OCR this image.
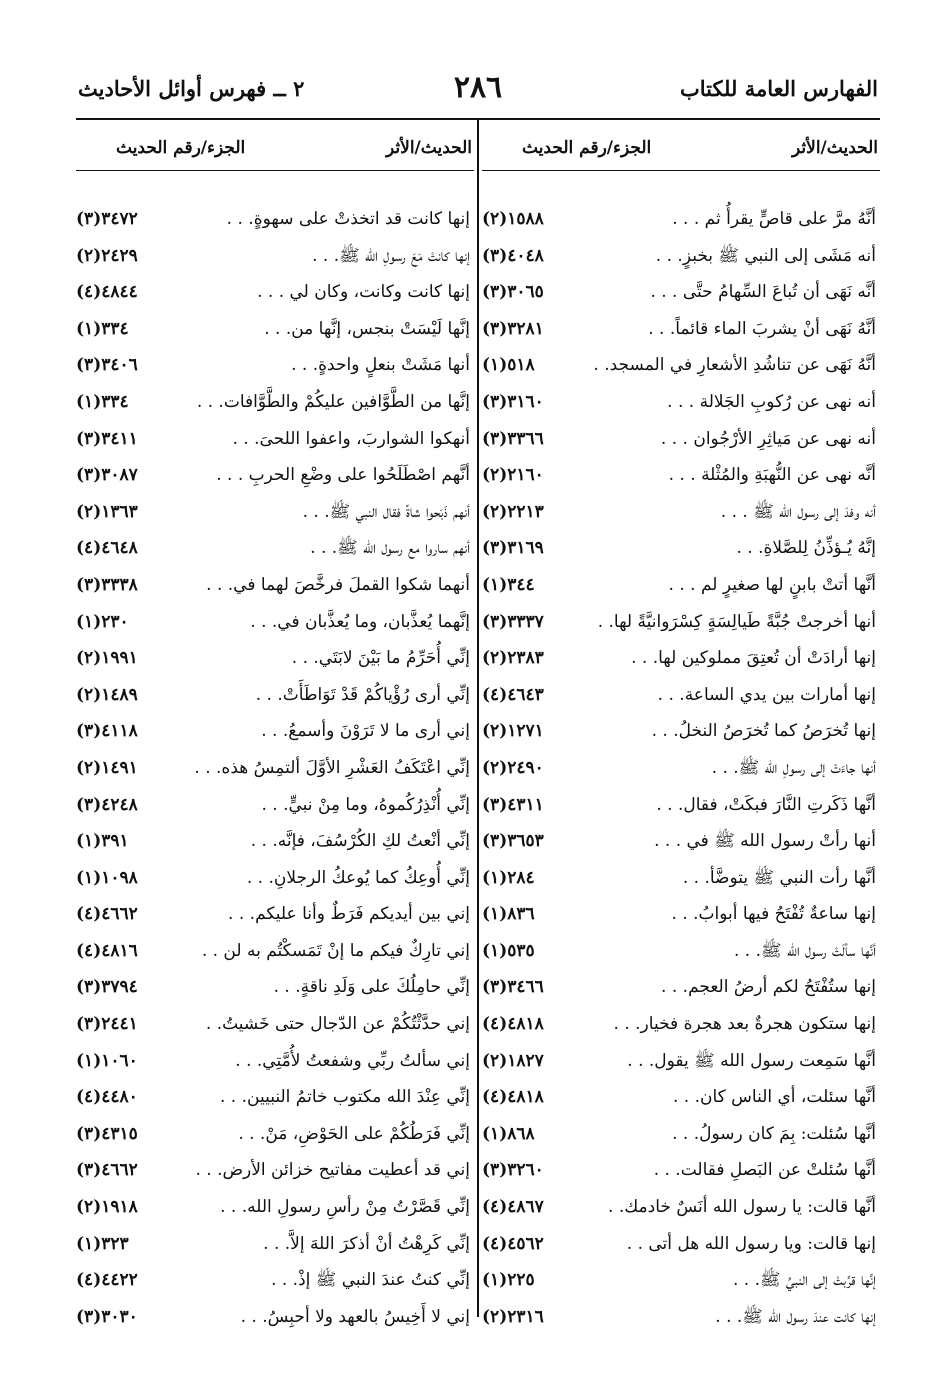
الفهارس العامة للكتاب
٢٨٦
٢ ــ فهرس أوائل الأحاديث
الحديث/الأثر
الجزء/رقم الحديث
أنَّهُ مرَّ على قاصٍّ يقرأُ ثم . . .
(٢)١٥٨٨
أنه مَشَى إلى النبي ﷺ بخبزٍ. . .
(٣)٤٠٤٨
أنَّه نَهَى أن تُباعَ السِّهامُ حتَّى . . .
(٣)٣٠٦٥
أنَّهُ نَهَى أنْ يشربَ الماء قائماً. . .
(٣)٣٢٨١
أنَّهُ نَهَى عن تناشُدِ الأشعارِ في المسجد. .
(١)٥١٨
أنه نهى عن رُكوبِ الجَلالة . . .
(٣)٣١٦٠
أنه نهى عن مَياثِرِ الأرْجُوان . . .
(٣)٣٣٦٦
أنَّه نهى عن النُّهبَةِ والمُثْلة . . .
(٢)٢١٦٠
أنه وفدَ إلى رسول الله ﷺ . . .
(٢)٢٢١٣
إنَّهُ يُـؤذِّنُ لِلصَّلاةِ. . .
(٣)٣١٦٩
أنَّها أتتْ بابنٍ لها صغيرٍ لم . . .
(١)٣٤٤
أنها أخرجتْ جُبَّةً طَيالِسَةٍ كِسْرَوانيَّةً لها. .
(٣)٣٣٣٧
إنها أرادَتْ أن تُعتِقَ مملوكين لها. . .
(٢)٢٣٨٣
إنها أمارات بين يدي الساعة. . .
(٤)٤٦٤٣
إنها تُخرَصُ كما تُخرَصُ النخلُ. . .
(٢)١٢٧١
أنها جاءَتْ إلى رسولِ الله ﷺ. . .
(٢)٢٤٩٠
أنَّها ذَكَرتِ النَّارَ فبكَتْ، فقال. . .
(٣)٤٣١١
أنها رأتْ رسول الله ﷺ في . . .
(٣)٣٦٥٣
أنَّها رأت النبي ﷺ يتوضَّأ. . .
(١)٢٨٤
إنها ساعةٌ تُفْتَحُ فيها أبوابُ. . .
(١)٨٣٦
أنَّها سألَتْ رسول الله ﷺ. . .
(١)٥٣٥
إنها ستُفْتَحُ لكم أرضُ العجم. . .
(٣)٣٤٦٦
إنها ستكون هجرةٌ بعد هجرة فخيار. . .
(٤)٤٨١٨
أنَّها سَمِعت رسول الله ﷺ يقول. . .
(٢)١٨٢٧
أنَّها سئلت، أي الناس كان. . .
(٤)٤٨١٨
أنَّها سُئلت: بِمَ كان رسولُ. . .
(١)٨٦٨
أنَّها سُئلتْ عن البَصلِ فقالت. . .
(٣)٣٢٦٠
أنَّها قالت: يا رسول الله أنَسٌ خادمك. .
(٤)٤٨٦٧
إنها قالت: ويا رسول الله هل أتى . .
(٤)٤٥٦٢
إنَّها قرِّبتْ إلى النبيِّ ﷺ. . .
(١)٢٢٥
إنها كانت عندَ رسول الله ﷺ. . .
(٢)٢٣١٦
الحديث/الأثر
الجزء/رقم الحديث
إنها كانت قد اتخذتْ على سهوةٍ. . .
(٣)٣٤٧٢
إنها كانتْ مَعَ رسولِ الله ﷺ. . .
(٢)٢٤٢٩
إنها كانت وكانت، وكان لي . . .
(٤)٤٨٤٤
إنَّها لَيْسَتْ بنجس، إنَّها من. . .
(١)٣٣٤
أنها مَشَتْ بنعلٍ واحدةٍ. . .
(٣)٣٤٠٦
إنَّها من الطَّوَّافين عليكُمْ والطَّوَّافات. . .
(١)٣٣٤
أنهكوا الشواربَ، واعفوا اللحىَ. . .
(٣)٣٤١١
أنَّهم اصْطَلَحُوا على وضْعِ الحربِ . . .
(٣)٣٠٨٧
أنهم ذَبَحوا شاةً فقال النبي ﷺ. . .
(٢)١٣٦٣
أنهم ساروا مع رسول الله ﷺ. . .
(٤)٤٦٤٨
أنهما شكوا القملَ فرخَّصَ لهما في. . .
(٣)٣٣٣٨
إنَّهما يُعذَّبان، وما يُعذَّبان في. . .
(١)٢٣٠
إنِّي أُحَرِّمُ ما بَيْنَ لابَتَي. . .
(٢)١٩٩١
إنِّي أرى رُؤْياكُمْ قَدْ تَوَاطَأَتْ. . .
(٢)١٤٨٩
إني أرى ما لا تَرَوْنَ وأسمعُ. . .
(٣)٤١١٨
إنِّي اعْتَكَفُ العَشْرِ الأوَّلَ ألتمِسُ هذه. . .
(٢)١٤٩١
إنِّي أُنْذِرُكُموهُ، وما مِنْ نبيٍّ. . .
(٣)٤٢٤٨
إنِّي أنْعتُ لكِ الكُرْسُفَ، فإنَّه. . .
(١)٣٩١
إنِّي أُوعِكُ كما يُوعكُ الرجلانِ. . .
(١)١٠٩٨
إني بين أيديكم فَرَطٌ وأنا عليكم. . .
(٤)٤٦٦٢
إني تارِكٌ فيكم ما إنْ تَمَسكْتُم به لن . .
(٤)٤٨١٦
إنِّي حامِلُكَ على وَلَدِ ناقةٍ. . .
(٣)٣٧٩٤
إني حدَّثْتُكُمْ عن الدّجال حتى خَشيتُ. .
(٣)٢٤٤١
إني سألتُ ربِّي وشفعتُ لأُمَّتِي. . .
(١)١٠٦٠
إنِّي عِنْدَ الله مكتوب خاتمُ النبيين. . .
(٤)٤٤٨٠
إنِّي فَرَطُكُمْ على الحَوْضِ، مَنْ. . .
(٣)٤٣١٥
إني قد أعطيت مفاتيح خزائن الأرض. . .
(٣)٤٦٦٢
إنِّي قَصَّرْتُ مِنْ رأسِ رسولِ الله. . .
(٢)١٩١٨
إنِّي كَرِهْتُ أنْ أذكرَ اللهَ إلاَّ. . .
(١)٣٢٣
إنِّي كنتُ عندَ النبي ﷺ إذْ. . .
(٤)٤٤٢٢
إني لا أَخِيسُ بالعهد ولا أحبِسُ. . .
(٣)٣٠٣٠
